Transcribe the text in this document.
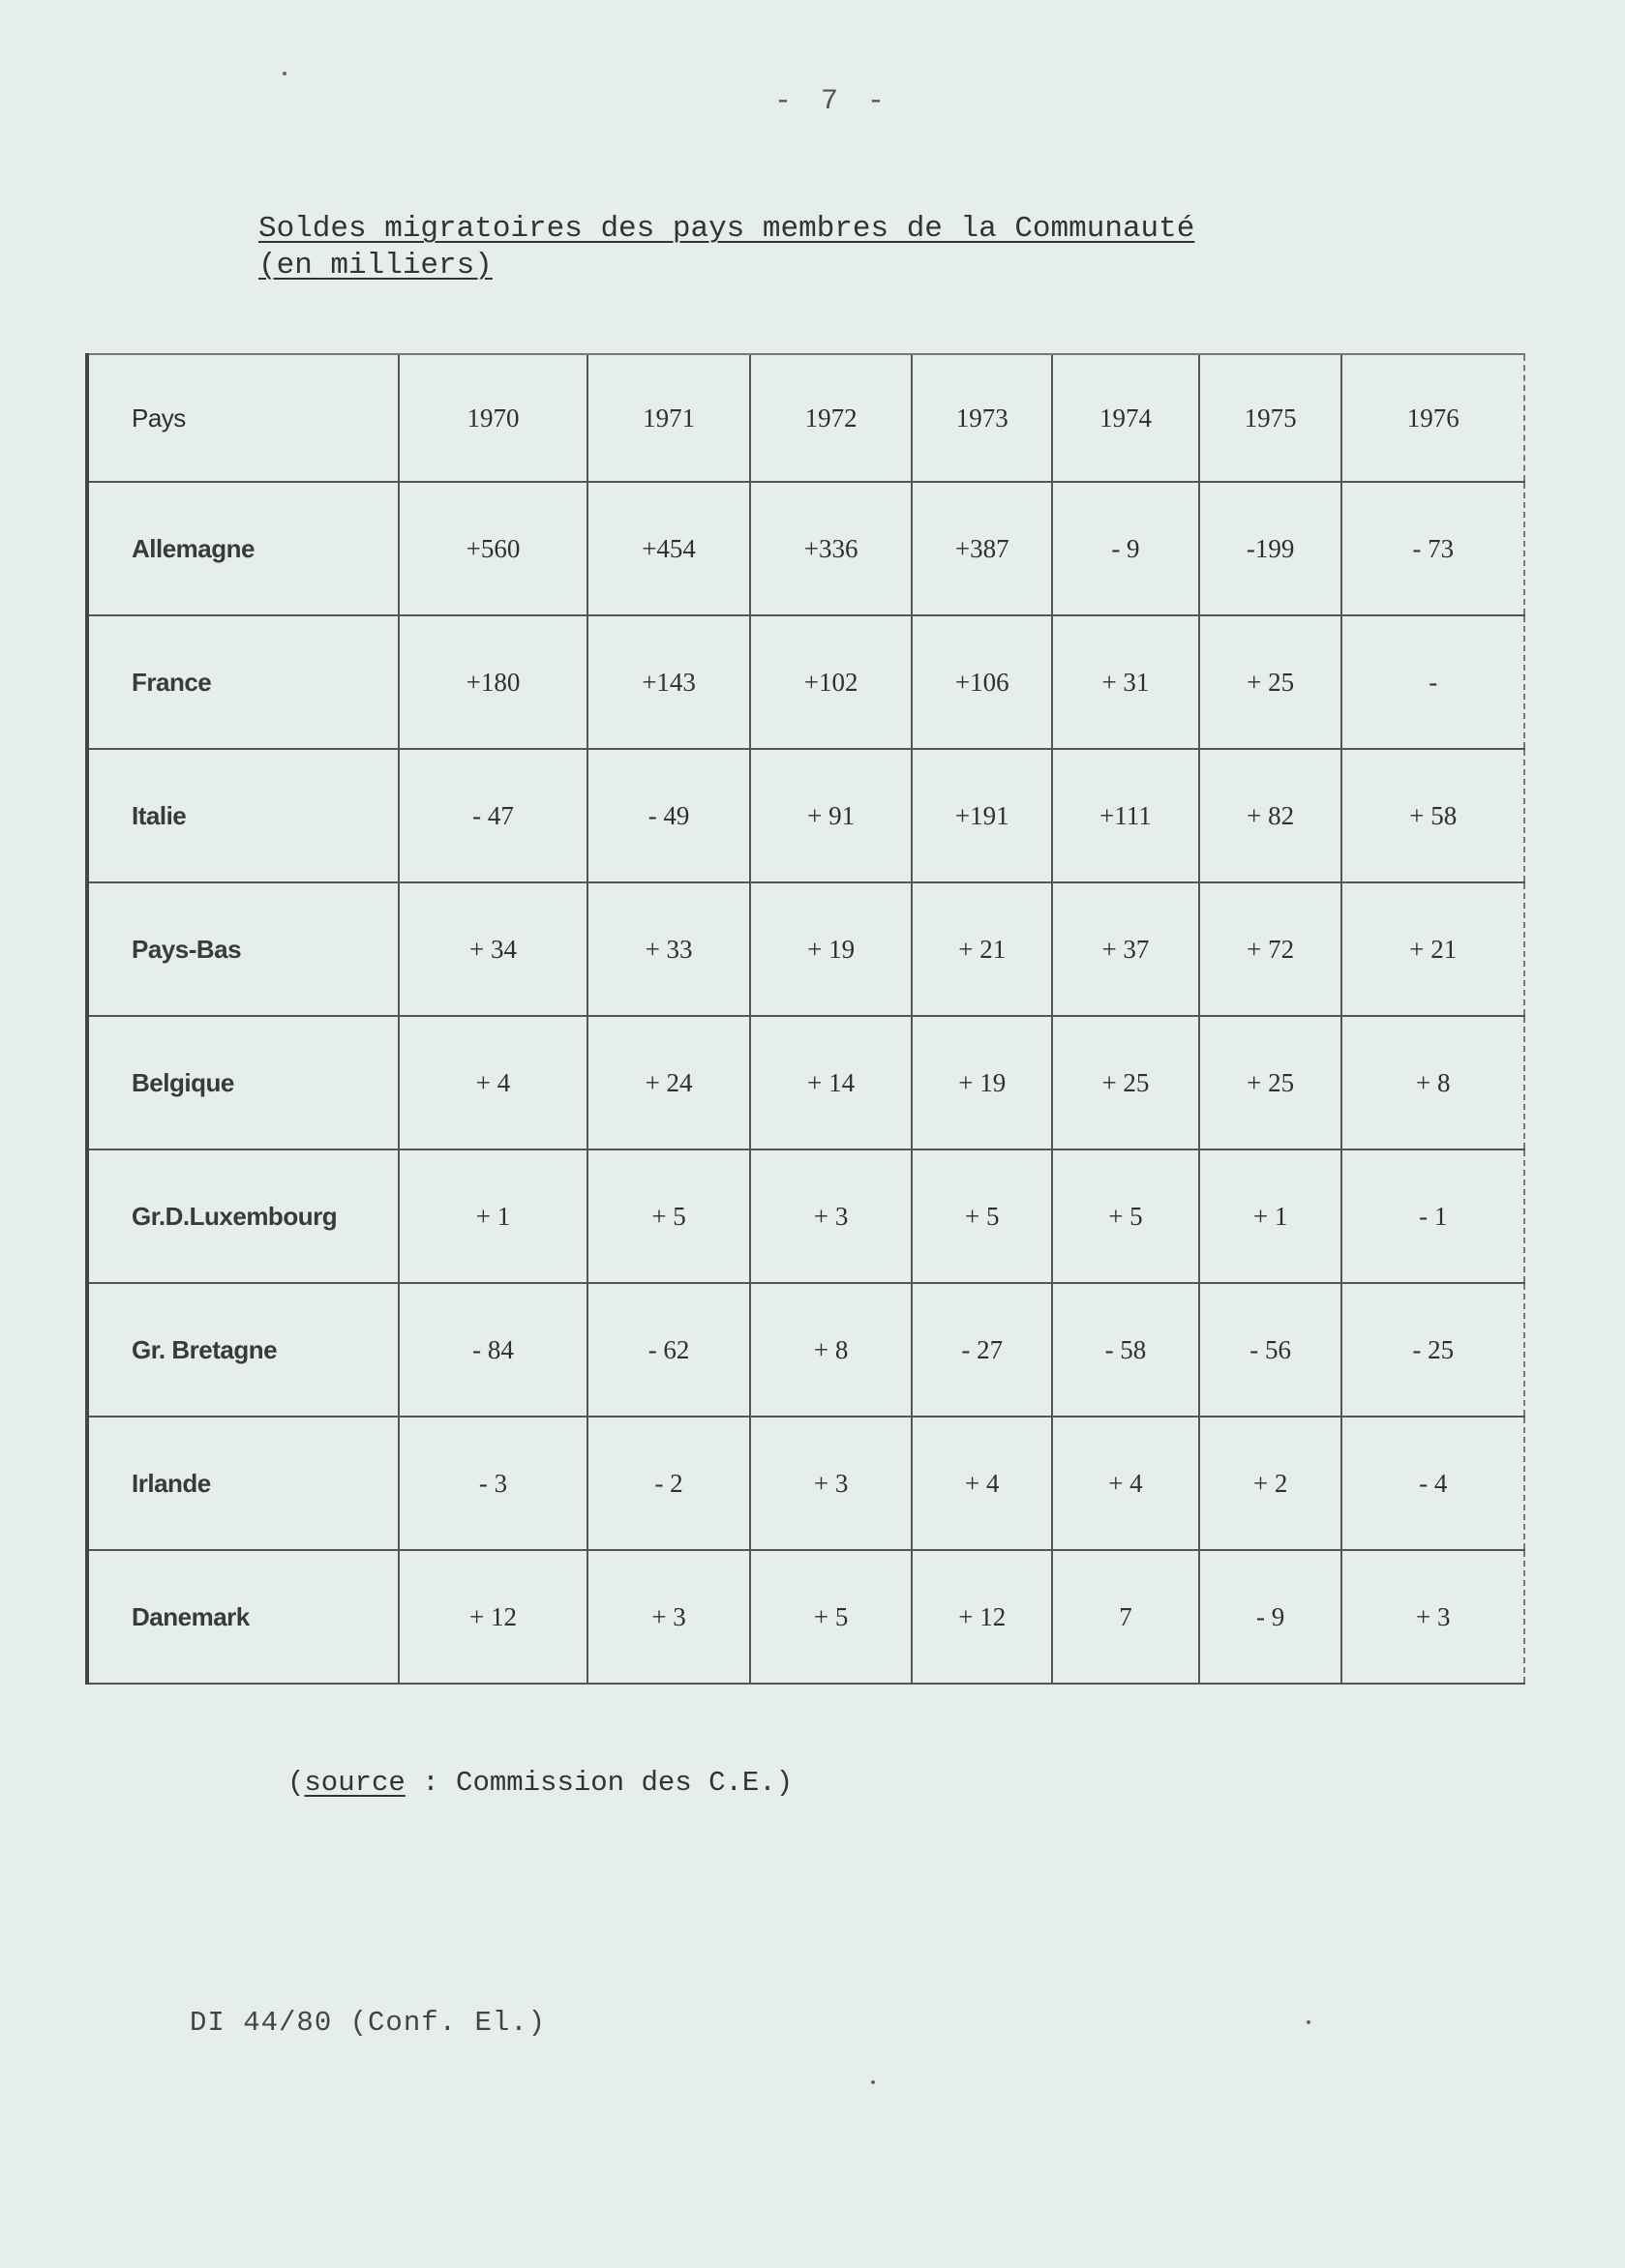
- 7 -
Soldes migratoires des pays membres de la Communauté
(en milliers)
Pays	1970	1971	1972	1973	1974	1975	1976
Allemagne	+560	+454	+336	+387	- 9	-199	- 73
France	+180	+143	+102	+106	+ 31	+ 25	-
Italie	- 47	- 49	+ 91	+191	+111	+ 82	+ 58
Pays-Bas	+ 34	+ 33	+ 19	+ 21	+ 37	+ 72	+ 21
Belgique	+ 4	+ 24	+ 14	+ 19	+ 25	+ 25	+ 8
Gr.D.Luxembourg	+ 1	+ 5	+ 3	+ 5	+ 5	+ 1	- 1
Gr. Bretagne	- 84	- 62	+ 8	- 27	- 58	- 56	- 25
Irlande	- 3	- 2	+ 3	+ 4	+ 4	+ 2	- 4
Danemark	+ 12	+ 3	+ 5	+ 12	7	- 9	+ 3
(source : Commission des C.E.)
DI 44/80 (Conf. El.)
